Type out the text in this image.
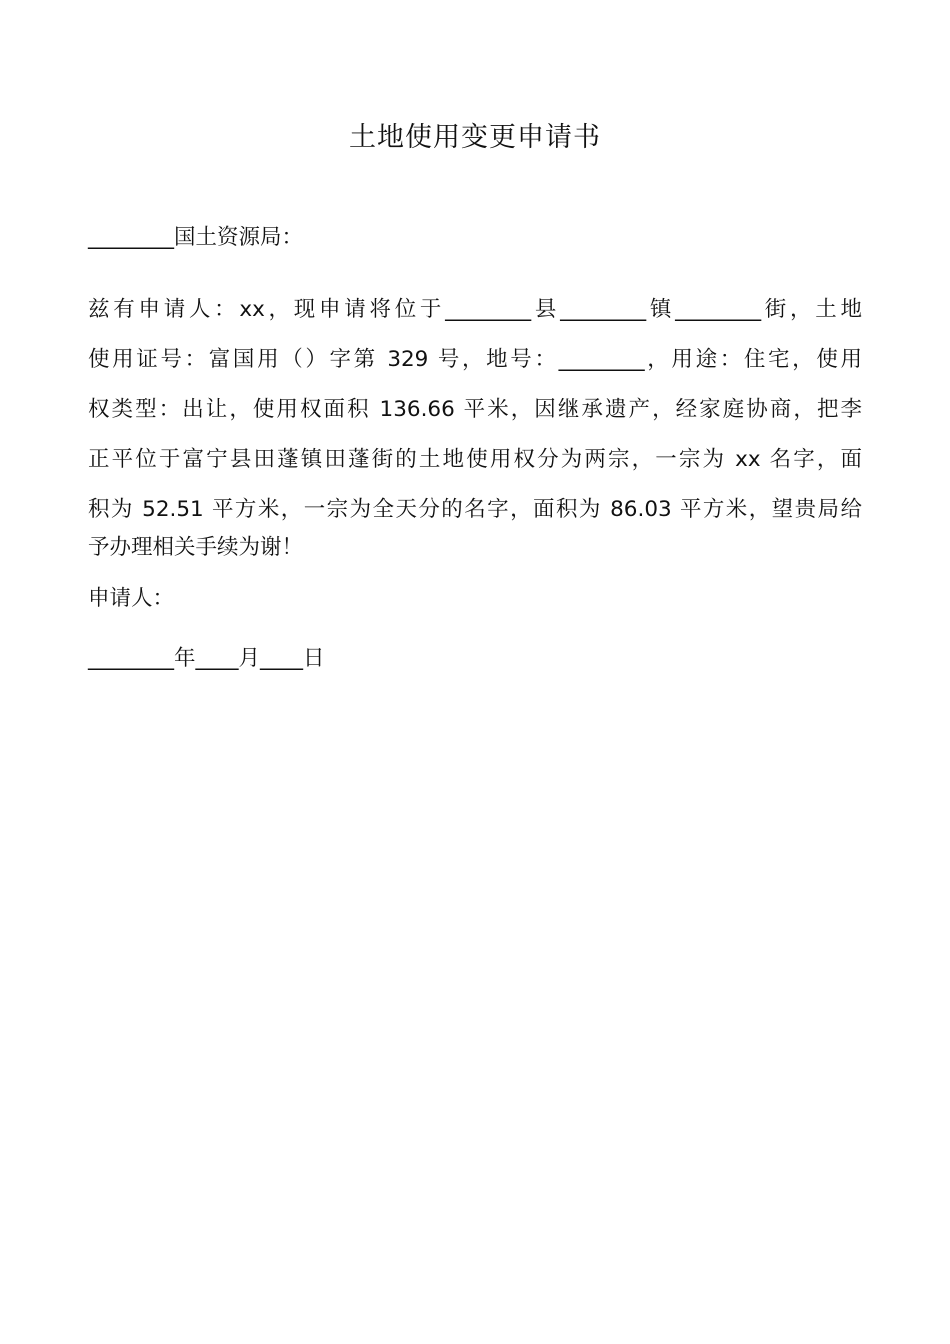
土地使用变更申请书
________国土资源局：
兹有申请人：xx，现申请将位于________县________镇________街，土地
使用证号：富国用（）字第 329 号，地号：________，用途：住宅，使用
权类型：出让，使用权面积 136.66 平米，因继承遗产，经家庭协商，把李
正平位于富宁县田蓬镇田蓬街的土地使用权分为两宗，一宗为 xx 名字，面
积为 52.51 平方米，一宗为全天分的名字，面积为 86.03 平方米，望贵局给
予办理相关手续为谢！
申请人：
________年____月____日
